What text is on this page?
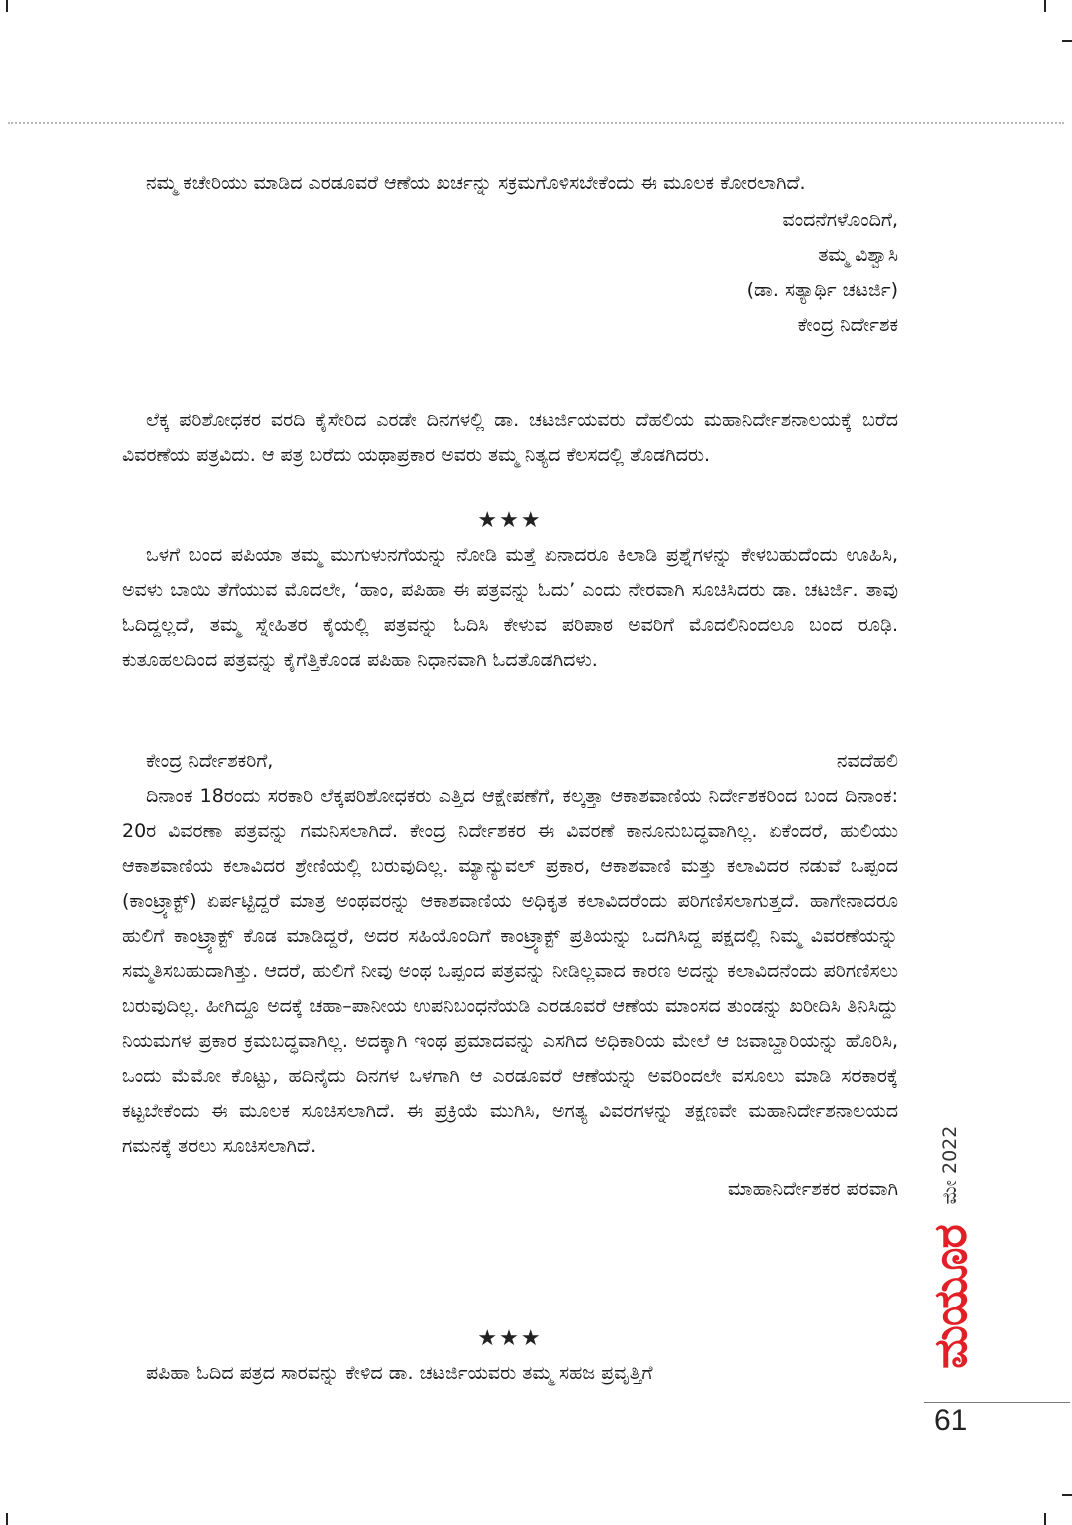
ನಮ್ಮ ಕಚೇರಿಯು ಮಾಡಿದ ಎರಡೂವರೆ ಆಣೆಯ ಖರ್ಚನ್ನು ಸಕ್ರಮಗೊಳಿಸಬೇಕೆಂದು ಈ ಮೂಲಕ ಕೋರಲಾಗಿದೆ.

ವಂದನೆಗಳೊಂದಿಗೆ,

ತಮ್ಮ ವಿಶ್ವಾಸಿ

(ಡಾ. ಸತ್ಯಾರ್ಥಿ ಚಟರ್ಜಿ)

ಕೇಂದ್ರ ನಿರ್ದೇಶಕ

ಲೆಕ್ಕ ಪರಿಶೋಧಕರ ವರದಿ ಕೈಸೇರಿದ ಎರಡೇ ದಿನಗಳಲ್ಲಿ ಡಾ. ಚಟರ್ಜಿಯವರು ದೆಹಲಿಯ ಮಹಾನಿರ್ದೇಶನಾಲಯಕ್ಕೆ ಬರೆದ ವಿವರಣೆಯ ಪತ್ರವಿದು. ಆ ಪತ್ರ ಬರೆದು ಯಥಾಪ್ರಕಾರ ಅವರು ತಮ್ಮ ನಿತ್ಯದ ಕೆಲಸದಲ್ಲಿ ತೊಡಗಿದರು.

★★★

ಒಳಗೆ ಬಂದ ಪಪಿಯಾ ತಮ್ಮ ಮುಗುಳುನಗೆಯನ್ನು ನೋಡಿ ಮತ್ತೆ ಏನಾದರೂ ಕಿಲಾಡಿ ಪ್ರಶ್ನೆಗಳನ್ನು ಕೇಳಬಹುದೆಂದು ಊಹಿಸಿ, ಅವಳು ಬಾಯಿ ತೆಗೆಯುವ ಮೊದಲೇ, ‘ಹಾಂ, ಪಪಿಹಾ ಈ ಪತ್ರವನ್ನು ಓದು’ ಎಂದು ನೇರವಾಗಿ ಸೂಚಿಸಿದರು ಡಾ. ಚಟರ್ಜಿ. ತಾವು ಓದಿದ್ದಲ್ಲದೆ, ತಮ್ಮ ಸ್ನೇಹಿತರ ಕೈಯಲ್ಲಿ ಪತ್ರವನ್ನು ಓದಿಸಿ ಕೇಳುವ ಪರಿಪಾಠ ಅವರಿಗೆ ಮೊದಲಿನಿಂದಲೂ ಬಂದ ರೂಢಿ. ಕುತೂಹಲದಿಂದ ಪತ್ರವನ್ನು ಕೈಗೆತ್ತಿಕೊಂಡ ಪಪಿಹಾ ನಿಧಾನವಾಗಿ ಓದತೊಡಗಿದಳು.

ಕೇಂದ್ರ ನಿರ್ದೇಶಕರಿಗೆ,	ನವದೆಹಲಿ

ದಿನಾಂಕ 18ರಂದು ಸರಕಾರಿ ಲೆಕ್ಕಪರಿಶೋಧಕರು ಎತ್ತಿದ ಆಕ್ಷೇಪಣೆಗೆ, ಕಲ್ಕತ್ತಾ ಆಕಾಶವಾಣಿಯ ನಿರ್ದೇಶಕರಿಂದ ಬಂದ ದಿನಾಂಕ: 20ರ ವಿವರಣಾ ಪತ್ರವನ್ನು ಗಮನಿಸಲಾಗಿದೆ. ಕೇಂದ್ರ ನಿರ್ದೇಶಕರ ಈ ವಿವರಣೆ ಕಾನೂನುಬದ್ಧವಾಗಿಲ್ಲ. ಏಕೆಂದರೆ, ಹುಲಿಯು ಆಕಾಶವಾಣಿಯ ಕಲಾವಿದರ ಶ್ರೇಣಿಯಲ್ಲಿ ಬರುವುದಿಲ್ಲ. ಮ್ಯಾನ್ಯುವಲ್ ಪ್ರಕಾರ, ಆಕಾಶವಾಣಿ ಮತ್ತು ಕಲಾವಿದರ ನಡುವೆ ಒಪ್ಪಂದ (ಕಾಂಟ್ರ್ಯಾಕ್ಟ್) ಏರ್ಪಟ್ಟಿದ್ದರೆ ಮಾತ್ರ ಅಂಥವರನ್ನು ಆಕಾಶವಾಣಿಯ ಅಧಿಕೃತ ಕಲಾವಿದರೆಂದು ಪರಿಗಣಿಸಲಾಗುತ್ತದೆ. ಹಾಗೇನಾದರೂ ಹುಲಿಗೆ ಕಾಂಟ್ರ್ಯಾಕ್ಟ್ ಕೊಡ ಮಾಡಿದ್ದರೆ, ಅದರ ಸಹಿಯೊಂದಿಗೆ ಕಾಂಟ್ರ್ಯಾಕ್ಟ್ ಪ್ರತಿಯನ್ನು ಒದಗಿಸಿದ್ದ ಪಕ್ಷದಲ್ಲಿ ನಿಮ್ಮ ವಿವರಣೆಯನ್ನು ಸಮ್ಮತಿಸಬಹುದಾಗಿತ್ತು. ಆದರೆ, ಹುಲಿಗೆ ನೀವು ಅಂಥ ಒಪ್ಪಂದ ಪತ್ರವನ್ನು ನೀಡಿಲ್ಲವಾದ ಕಾರಣ ಅದನ್ನು ಕಲಾವಿದನೆಂದು ಪರಿಗಣಿಸಲು ಬರುವುದಿಲ್ಲ. ಹೀಗಿದ್ದೂ ಅದಕ್ಕೆ ಚಹಾ–ಪಾನೀಯ ಉಪನಿಬಂಧನೆಯಡಿ ಎರಡೂವರೆ ಆಣೆಯ ಮಾಂಸದ ತುಂಡನ್ನು ಖರೀದಿಸಿ ತಿನಿಸಿದ್ದು ನಿಯಮಗಳ ಪ್ರಕಾರ ಕ್ರಮಬದ್ಧವಾಗಿಲ್ಲ. ಅದಕ್ಕಾಗಿ ಇಂಥ ಪ್ರಮಾದವನ್ನು ಎಸಗಿದ ಅಧಿಕಾರಿಯ ಮೇಲೆ ಆ ಜವಾಬ್ದಾರಿಯನ್ನು ಹೊರಿಸಿ, ಒಂದು ಮೆಮೋ ಕೊಟ್ಟು, ಹದಿನೈದು ದಿನಗಳ ಒಳಗಾಗಿ ಆ ಎರಡೂವರೆ ಆಣೆಯನ್ನು ಅವರಿಂದಲೇ ವಸೂಲು ಮಾಡಿ ಸರಕಾರಕ್ಕೆ ಕಟ್ಟಬೇಕೆಂದು ಈ ಮೂಲಕ ಸೂಚಿಸಲಾಗಿದೆ. ಈ ಪ್ರಕ್ರಿಯೆ ಮುಗಿಸಿ, ಅಗತ್ಯ ವಿವರಗಳನ್ನು ತಕ್ಷಣವೇ ಮಹಾನಿರ್ದೇಶನಾಲಯದ ಗಮನಕ್ಕೆ ತರಲು ಸೂಚಿಸಲಾಗಿದೆ.

ಮಾಹಾನಿರ್ದೇಶಕರ ಪರವಾಗಿ

★★★

ಪಪಿಹಾ ಓದಿದ ಪತ್ರದ ಸಾರವನ್ನು ಕೇಳಿದ ಡಾ. ಚಟರ್ಜಿಯವರು ತಮ್ಮ ಸಹಜ ಪ್ರವೃತ್ತಿಗೆ

ಮೇ 2022
ಮಯೂರ
61
